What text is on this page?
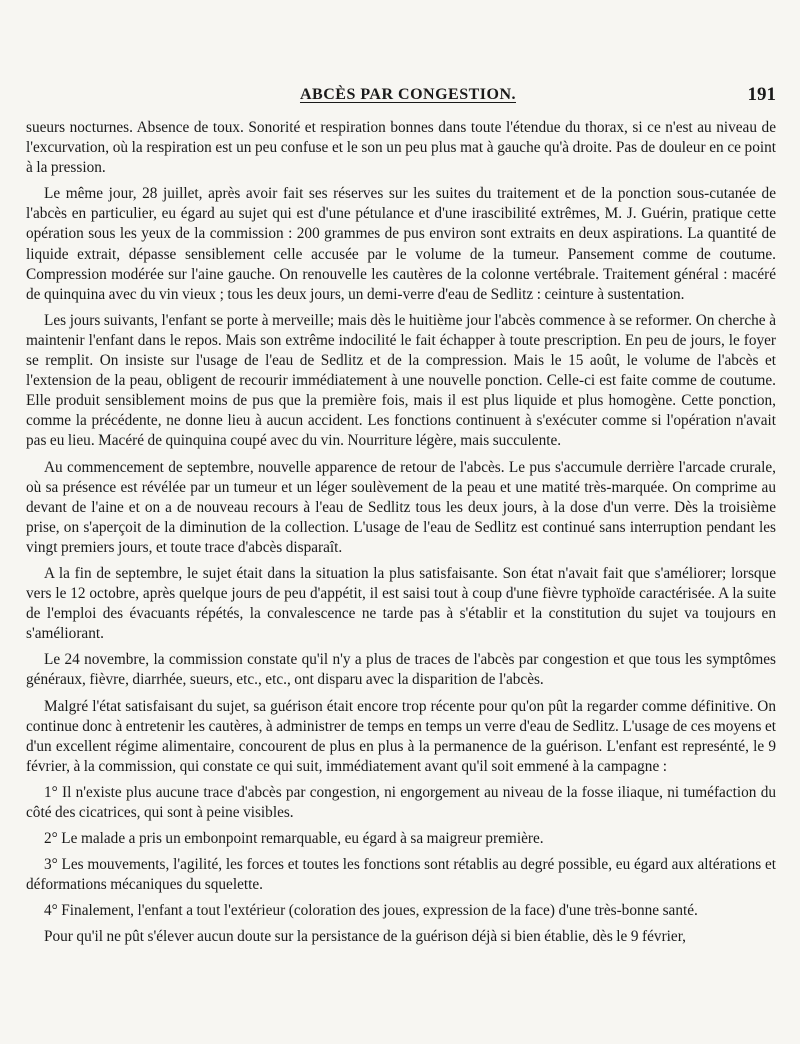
ABCÈS PAR CONGESTION.	191

sueurs nocturnes. Absence de toux. Sonorité et respiration bonnes dans toute l'étendue du thorax, si ce n'est au niveau de l'excurvation, où la respiration est un peu confuse et le son un peu plus mat à gauche qu'à droite. Pas de douleur en ce point à la pression.

Le même jour, 28 juillet, après avoir fait ses réserves sur les suites du traitement et de la ponction sous-cutanée de l'abcès en particulier, eu égard au sujet qui est d'une pétulance et d'une irascibilité extrêmes, M. J. Guérin, pratique cette opération sous les yeux de la commission : 200 grammes de pus environ sont extraits en deux aspirations. La quantité de liquide extrait, dépasse sensiblement celle accusée par le volume de la tumeur. Pansement comme de coutume. Compression modérée sur l'aine gauche. On renouvelle les cautères de la colonne vertébrale. Traitement général : macéré de quinquina avec du vin vieux ; tous les deux jours, un demi-verre d'eau de Sedlitz : ceinture à sustentation.

Les jours suivants, l'enfant se porte à merveille; mais dès le huitième jour l'abcès commence à se reformer. On cherche à maintenir l'enfant dans le repos. Mais son extrême indocilité le fait échapper à toute prescription. En peu de jours, le foyer se remplit. On insiste sur l'usage de l'eau de Sedlitz et de la compression. Mais le 15 août, le volume de l'abcès et l'extension de la peau, obligent de recourir immédiatement à une nouvelle ponction. Celle-ci est faite comme de coutume. Elle produit sensiblement moins de pus que la première fois, mais il est plus liquide et plus homogène. Cette ponction, comme la précédente, ne donne lieu à aucun accident. Les fonctions continuent à s'exécuter comme si l'opération n'avait pas eu lieu. Macéré de quinquina coupé avec du vin. Nourriture légère, mais succulente.

Au commencement de septembre, nouvelle apparence de retour de l'abcès. Le pus s'accumule derrière l'arcade crurale, où sa présence est révélée par un tumeur et un léger soulèvement de la peau et une matité très-marquée. On comprime au devant de l'aine et on a de nouveau recours à l'eau de Sedlitz tous les deux jours, à la dose d'un verre. Dès la troisième prise, on s'aperçoit de la diminution de la collection. L'usage de l'eau de Sedlitz est continué sans interruption pendant les vingt premiers jours, et toute trace d'abcès disparaît.

A la fin de septembre, le sujet était dans la situation la plus satisfaisante. Son état n'avait fait que s'améliorer; lorsque vers le 12 octobre, après quelque jours de peu d'appétit, il est saisi tout à coup d'une fièvre typhoïde caractérisée. A la suite de l'emploi des évacuants répétés, la convalescence ne tarde pas à s'établir et la constitution du sujet va toujours en s'améliorant.

Le 24 novembre, la commission constate qu'il n'y a plus de traces de l'abcès par congestion et que tous les symptômes généraux, fièvre, diarrhée, sueurs, etc., etc., ont disparu avec la disparition de l'abcès.

Malgré l'état satisfaisant du sujet, sa guérison était encore trop récente pour qu'on pût la regarder comme définitive. On continue donc à entretenir les cautères, à administrer de temps en temps un verre d'eau de Sedlitz. L'usage de ces moyens et d'un excellent régime alimentaire, concourent de plus en plus à la permanence de la guérison. L'enfant est represénté, le 9 février, à la commission, qui constate ce qui suit, immédiatement avant qu'il soit emmené à la campagne :

1° Il n'existe plus aucune trace d'abcès par congestion, ni engorgement au niveau de la fosse iliaque, ni tuméfaction du côté des cicatrices, qui sont à peine visibles.

2° Le malade a pris un embonpoint remarquable, eu égard à sa maigreur première.

3° Les mouvements, l'agilité, les forces et toutes les fonctions sont rétablis au degré possible, eu égard aux altérations et déformations mécaniques du squelette.

4° Finalement, l'enfant a tout l'extérieur (coloration des joues, expression de la face) d'une très-bonne santé.

Pour qu'il ne pût s'élever aucun doute sur la persistance de la guérison déjà si bien établie, dès le 9 février,
